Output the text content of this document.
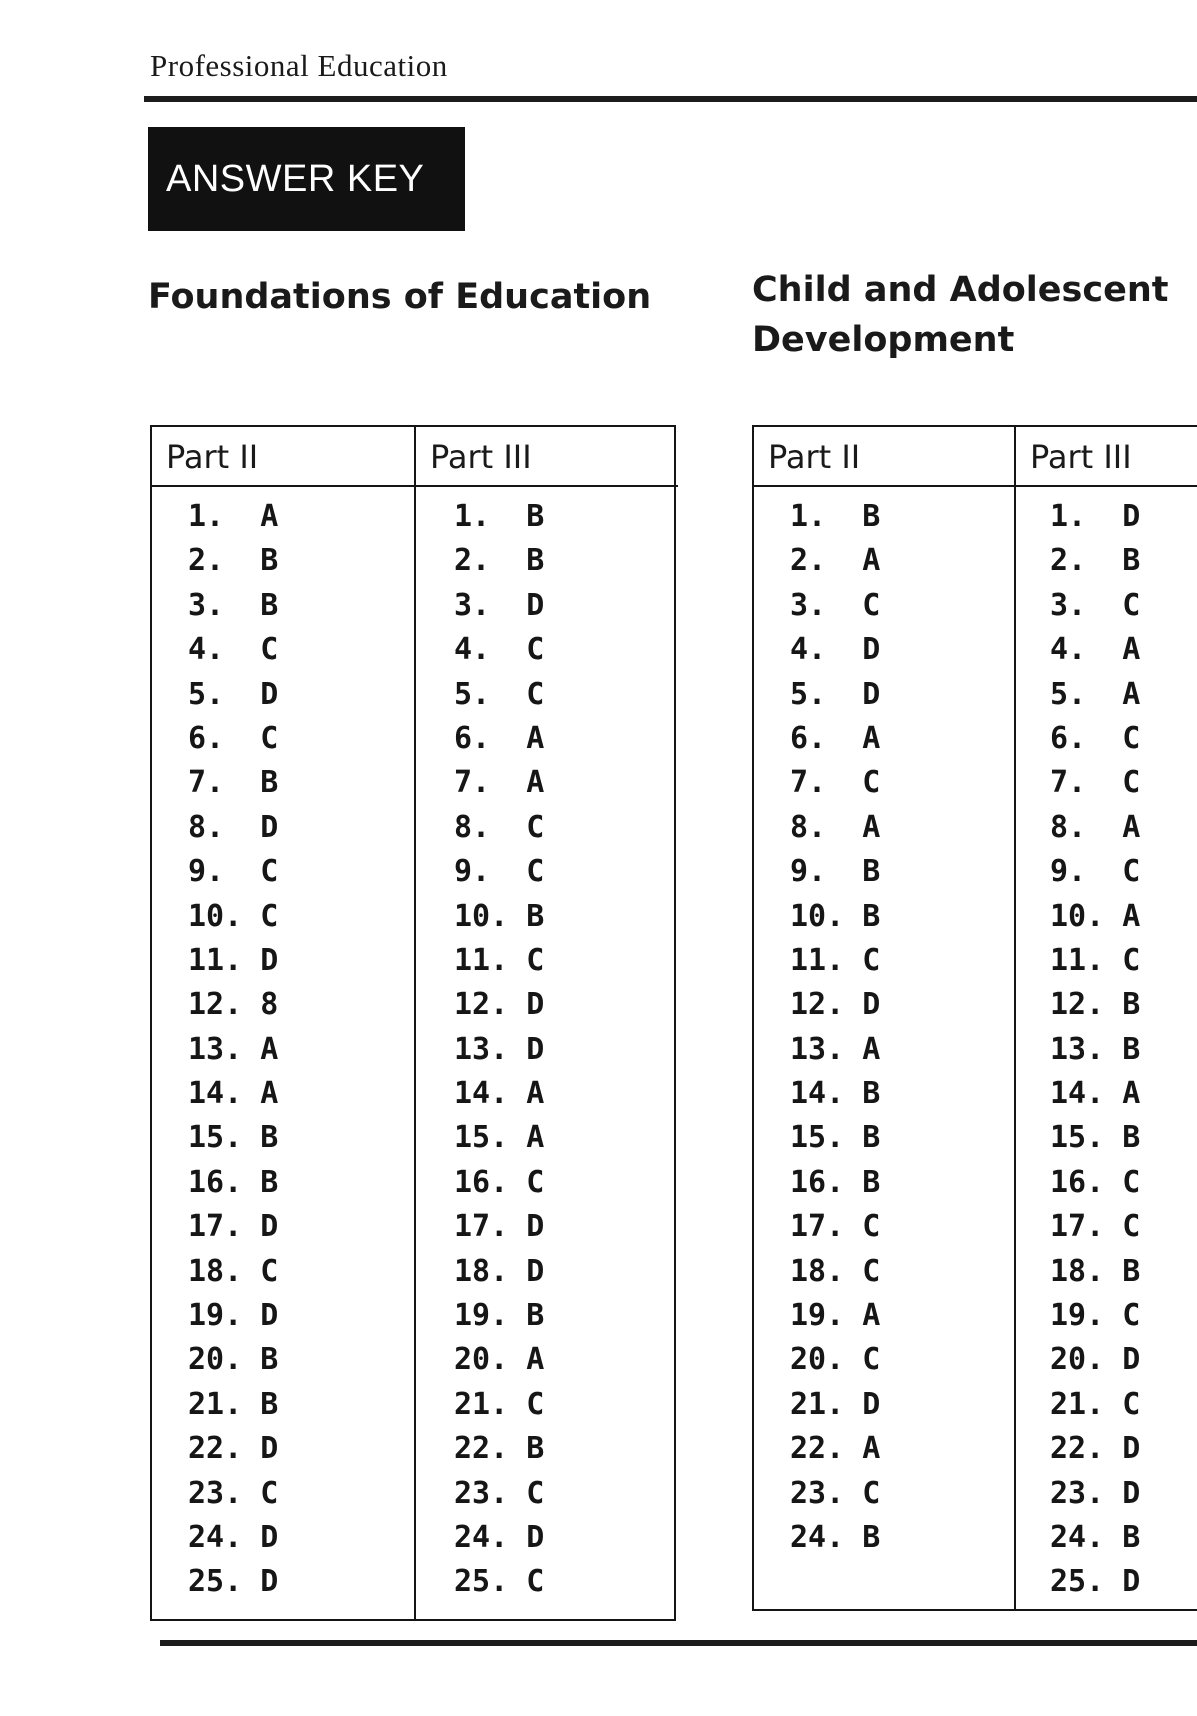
Professional Education
ANSWER KEY
Foundations of Education	Child and Adolescent Development
Part II
1. A
2. B
3. B
4. C
5. D
6. C
7. B
8. D
9. C
10. C
11. D
12. 8
13. A
14. A
15. B
16. B
17. D
18. C
19. D
20. B
21. B
22. D
23. C
24. D
25. D
Part III
1. B
2. B
3. D
4. C
5. C
6. A
7. A
8. C
9. C
10. B
11. C
12. D
13. D
14. A
15. A
16. C
17. D
18. D
19. B
20. A
21. C
22. B
23. C
24. D
25. C
Part II
1. B
2. A
3. C
4. D
5. D
6. A
7. C
8. A
9. B
10. B
11. C
12. D
13. A
14. B
15. B
16. B
17. C
18. C
19. A
20. C
21. D
22. A
23. C
24. B
Part III
1. D
2. B
3. C
4. A
5. A
6. C
7. C
8. A
9. C
10. A
11. C
12. B
13. B
14. A
15. B
16. C
17. C
18. B
19. C
20. D
21. C
22. D
23. D
24. B
25. D
